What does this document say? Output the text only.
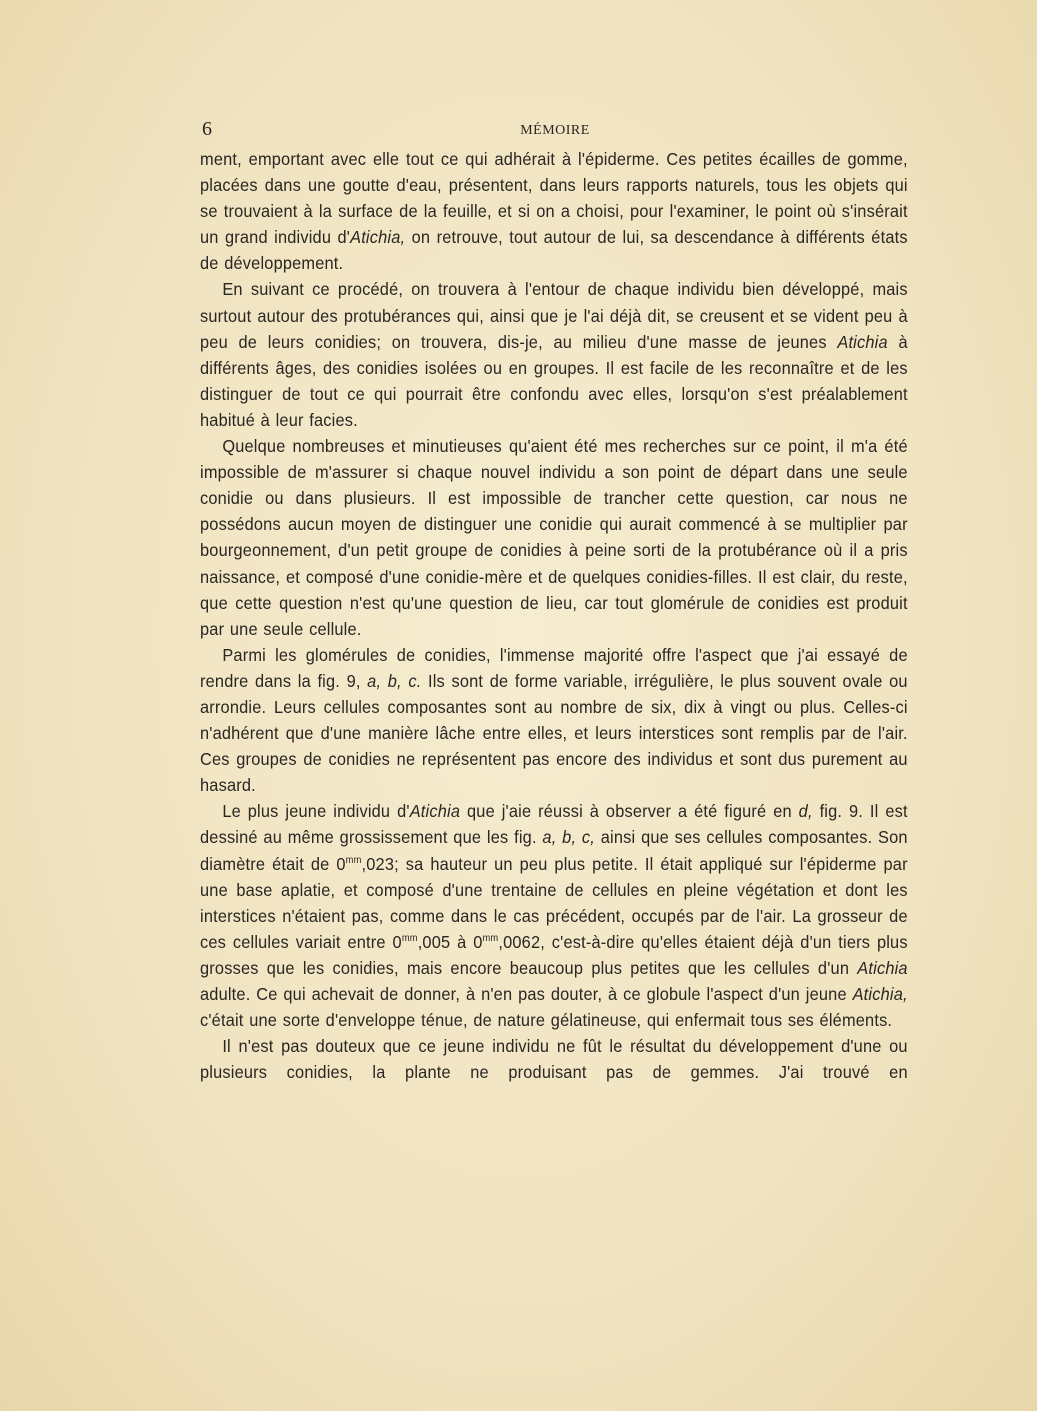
6	MÉMOIRE

ment, emportant avec elle tout ce qui adhérait à l'épiderme. Ces petites écailles de gomme, placées dans une goutte d'eau, présentent, dans leurs rapports naturels, tous les objets qui se trouvaient à la surface de la feuille, et si on a choisi, pour l'examiner, le point où s'insérait un grand individu d'Atichia, on retrouve, tout autour de lui, sa descendance à différents états de développement.

En suivant ce procédé, on trouvera à l'entour de chaque individu bien développé, mais surtout autour des protubérances qui, ainsi que je l'ai déjà dit, se creusent et se vident peu à peu de leurs conidies; on trouvera, dis-je, au milieu d'une masse de jeunes Atichia à différents âges, des conidies isolées ou en groupes. Il est facile de les reconnaître et de les distinguer de tout ce qui pourrait être confondu avec elles, lorsqu'on s'est préalablement habitué à leur facies.

Quelque nombreuses et minutieuses qu'aient été mes recherches sur ce point, il m'a été impossible de m'assurer si chaque nouvel individu a son point de départ dans une seule conidie ou dans plusieurs. Il est impossible de trancher cette question, car nous ne possédons aucun moyen de distinguer une conidie qui aurait commencé à se multiplier par bourgeonnement, d'un petit groupe de conidies à peine sorti de la protubérance où il a pris naissance, et composé d'une conidie-mère et de quelques conidies-filles. Il est clair, du reste, que cette question n'est qu'une question de lieu, car tout glomérule de conidies est produit par une seule cellule.

Parmi les glomérules de conidies, l'immense majorité offre l'aspect que j'ai essayé de rendre dans la fig. 9, a, b, c. Ils sont de forme variable, irrégulière, le plus souvent ovale ou arrondie. Leurs cellules composantes sont au nombre de six, dix à vingt ou plus. Celles-ci n'adhérent que d'une manière lâche entre elles, et leurs interstices sont remplis par de l'air. Ces groupes de conidies ne représentent pas encore des individus et sont dus purement au hasard.

Le plus jeune individu d'Atichia que j'aie réussi à observer a été figuré en d, fig. 9. Il est dessiné au même grossissement que les fig. a, b, c, ainsi que ses cellules composantes. Son diamètre était de $0^{mm},023$; sa hauteur un peu plus petite. Il était appliqué sur l'épiderme par une base aplatie, et composé d'une trentaine de cellules en pleine végétation et dont les interstices n'étaient pas, comme dans le cas précédent, occupés par de l'air. La grosseur de ces cellules variait entre $0^{mm},005$ à $0^{mm},0062$, c'est-à-dire qu'elles étaient déjà d'un tiers plus grosses que les conidies, mais encore beaucoup plus petites que les cellules d'un Atichia adulte. Ce qui achevait de donner, à n'en pas douter, à ce globule l'aspect d'un jeune Atichia, c'était une sorte d'enveloppe ténue, de nature gélatineuse, qui enfermait tous ses éléments.

Il n'est pas douteux que ce jeune individu ne fût le résultat du développement d'une ou plusieurs conidies, la plante ne produisant pas de gemmes. J'ai trouvé en
